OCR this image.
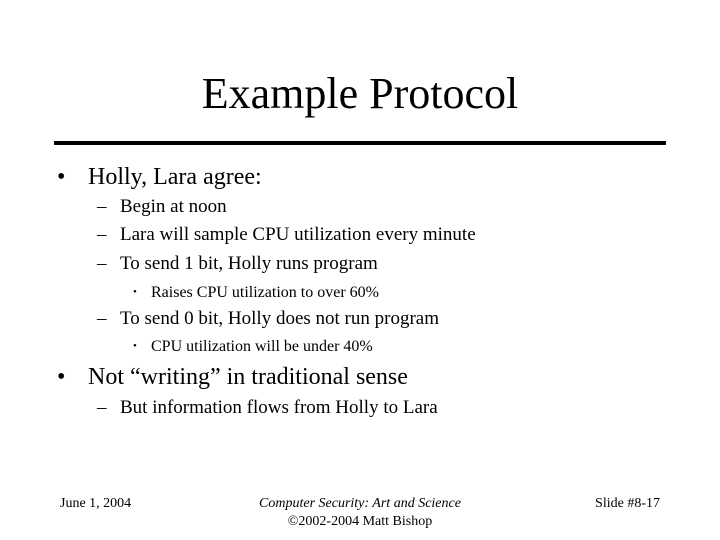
Example Protocol
• Holly, Lara agree:
– Begin at noon
– Lara will sample CPU utilization every minute
– To send 1 bit, Holly runs program
• Raises CPU utilization to over 60%
– To send 0 bit, Holly does not run program
• CPU utilization will be under 40%
• Not “writing” in traditional sense
– But information flows from Holly to Lara
June 1, 2004	Computer Security: Art and Science
©2002-2004 Matt Bishop
Slide #8-17
